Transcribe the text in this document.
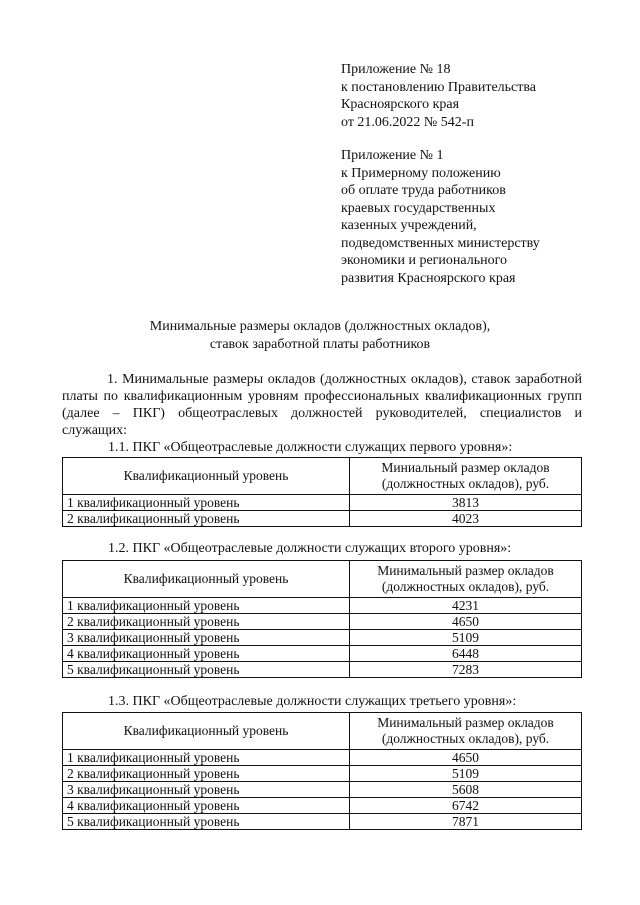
Приложение № 18
к постановлению Правительства
Красноярского края
от 21.06.2022 № 542-п
Приложение № 1
к Примерному положению
об оплате труда работников
краевых государственных
казенных учреждений,
подведомственных министерству
экономики и регионального
развития Красноярского края
Минимальные размеры окладов (должностных окладов),
ставок заработной платы работников
1. Минимальные размеры окладов (должностных окладов), ставок заработной платы по квалификационным уровням профессиональных квалификационных групп (далее – ПКГ) общеотраслевых должностей руководителей, специалистов и служащих:
1.1. ПКГ «Общеотраслевые должности служащих первого уровня»:
Квалификационный уровень	Миниальный размер окладов
(должностных окладов), руб.

1 квалификационный уровень	3813
2 квалификационный уровень	4023
1.2. ПКГ «Общеотраслевые должности служащих второго уровня»:
Квалификационный уровень	Минимальный размер окладов
(должностных окладов), руб.

1 квалификационный уровень	4231
2 квалификационный уровень	4650
3 квалификационный уровень	5109
4 квалификационный уровень	6448
5 квалификационный уровень	7283
1.3. ПКГ «Общеотраслевые должности служащих третьего уровня»:
Квалификационный уровень	Минимальный размер окладов
(должностных окладов), руб.

1 квалификационный уровень	4650
2 квалификационный уровень	5109
3 квалификационный уровень	5608
4 квалификационный уровень	6742
5 квалификационный уровень	7871
